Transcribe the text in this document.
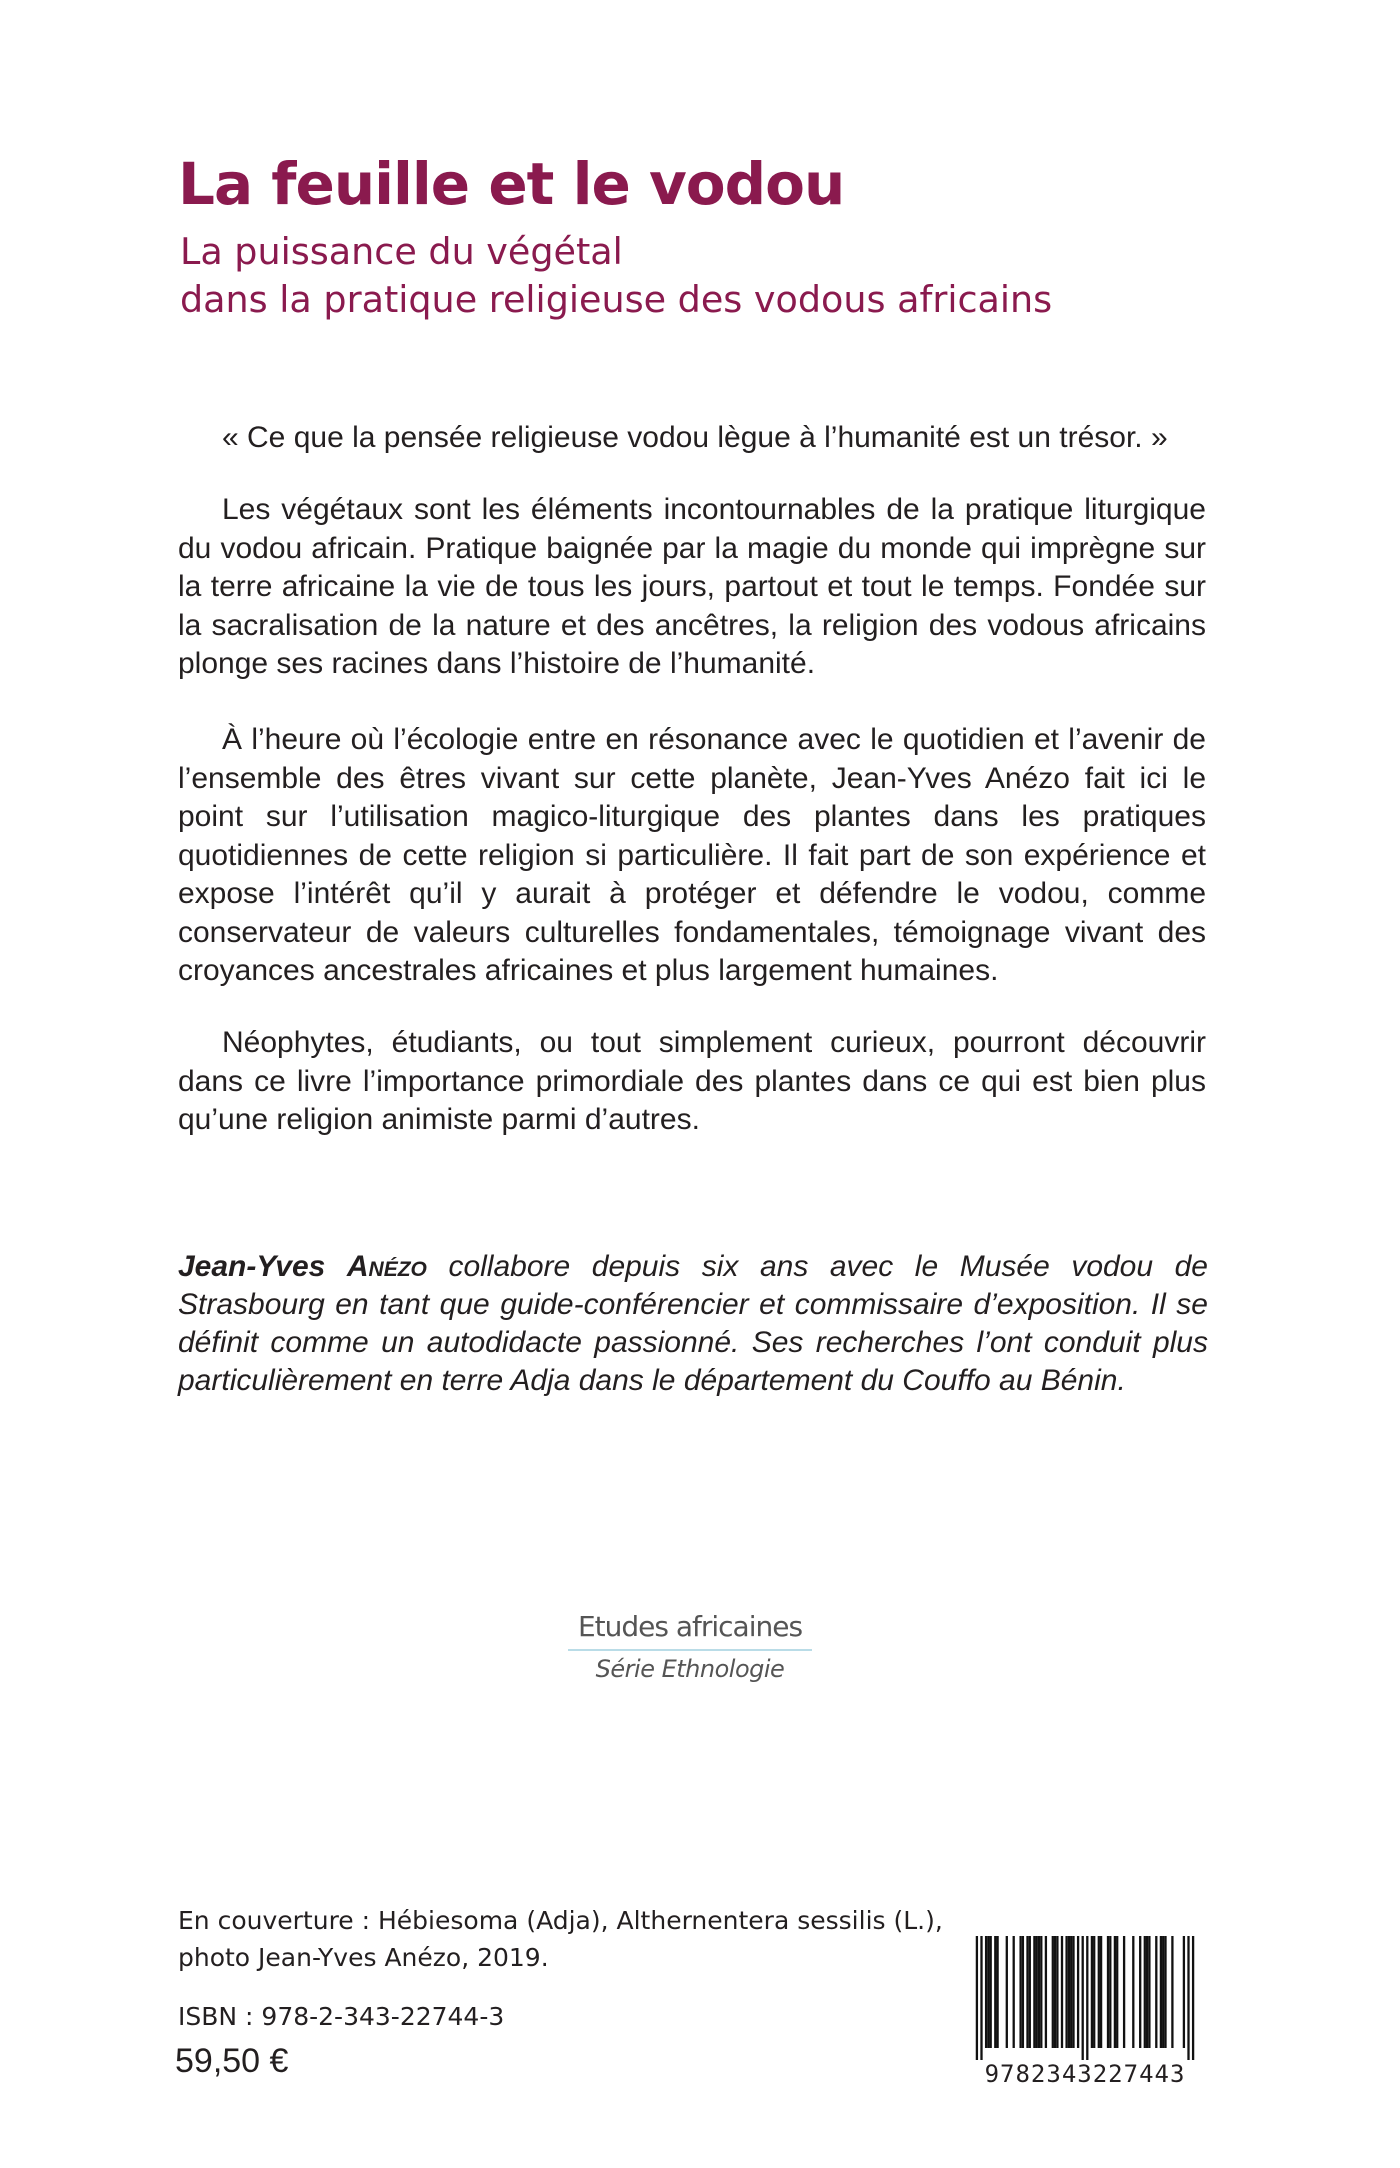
La feuille et le vodou
La puissance du végétal
dans la pratique religieuse des vodous africains
« Ce que la pensée religieuse vodou lègue à l’humanité est un trésor. »

Les végétaux sont les éléments incontournables de la pratique liturgique du vodou africain. Pratique baignée par la magie du monde qui imprègne sur la terre africaine la vie de tous les jours, partout et tout le temps. Fondée sur la sacralisation de la nature et des ancêtres, la religion des vodous africains plonge ses racines dans l’histoire de l’humanité.

À l’heure où l’écologie entre en résonance avec le quotidien et l’avenir de l’ensemble des êtres vivant sur cette planète, Jean-Yves Anézo fait ici le point sur l’utilisation magico-liturgique des plantes dans les pratiques quotidiennes de cette religion si particulière. Il fait part de son expérience et expose l’intérêt qu’il y aurait à protéger et défendre le vodou, comme conservateur de valeurs culturelles fondamentales, témoignage vivant des croyances ancestrales africaines et plus largement humaines.

Néophytes, étudiants, ou tout simplement curieux, pourront découvrir dans ce livre l’importance primordiale des plantes dans ce qui est bien plus qu’une religion animiste parmi d’autres.

Jean-Yves Anézo collabore depuis six ans avec le Musée vodou de Strasbourg en tant que guide-conférencier et commissaire d’exposition. Il se définit comme un autodidacte passionné. Ses recherches l’ont conduit plus particulièrement en terre Adja dans le département du Couffo au Bénin.
Etudes africaines
Série Ethnologie
En couverture : Hébiesoma (Adja), Althernentera sessilis (L.),
photo Jean-Yves Anézo, 2019.
ISBN : 978-2-343-22744-3
59,50 €	9782343227443
